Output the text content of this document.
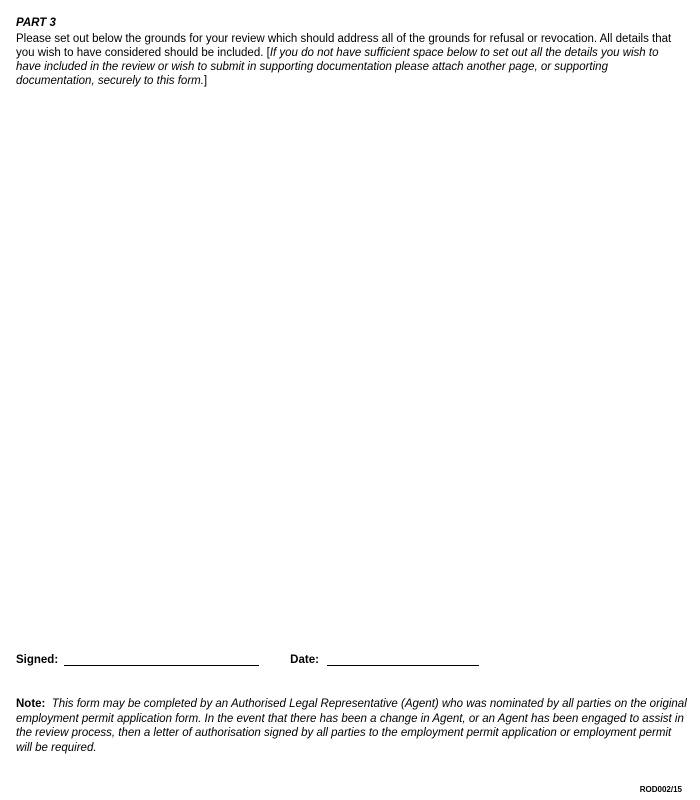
PART 3
Please set out below the grounds for your review which should address all of the grounds for refusal or revocation. All details that you wish to have considered should be included. [If you do not have sufficient space below to set out all the details you wish to have included in the review or wish to submit in supporting documentation please attach another page, or supporting documentation, securely to this form.]
Signed:	Date:
Note: This form may be completed by an Authorised Legal Representative (Agent) who was nominated by all parties on the original employment permit application form. In the event that there has been a change in Agent, or an Agent has been engaged to assist in the review process, then a letter of authorisation signed by all parties to the employment permit application or employment permit will be required.
ROD002/15
